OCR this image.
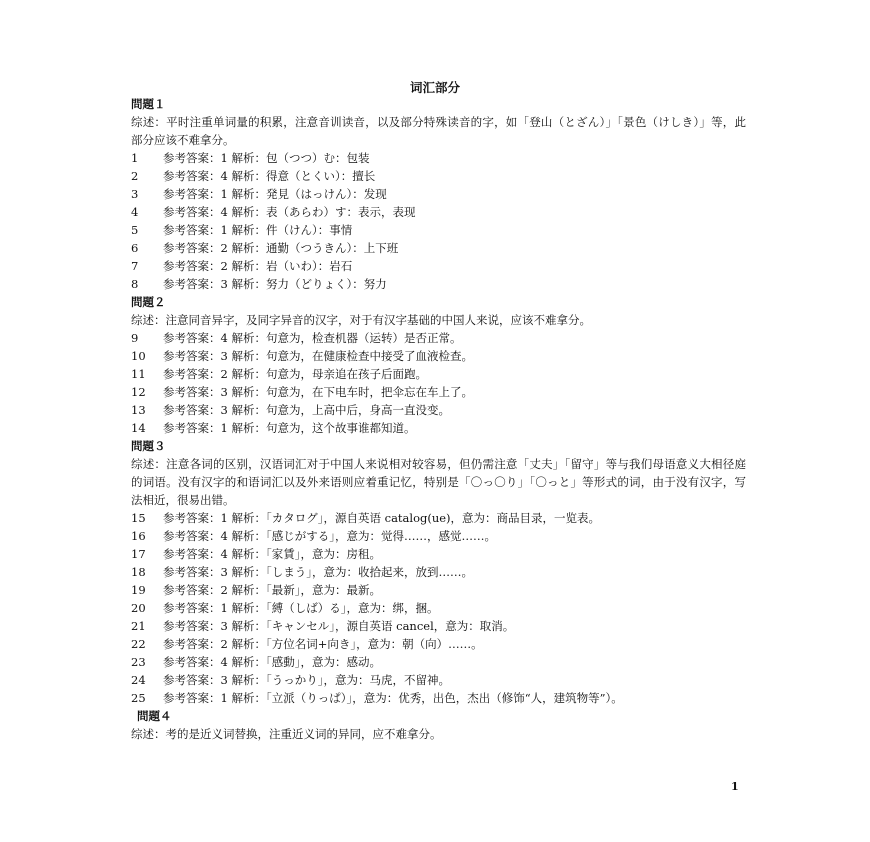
词汇部分
問題１
综述：平时注重单词量的积累，注意音训读音，以及部分特殊读音的字，如「登山（とざん）」「景色（けしき）」等，此部分应该不难拿分。
1	参考答案：1 解析：包（つつ）む：包装
2	参考答案：4 解析：得意（とくい）：擅长
3	参考答案：1 解析：発見（はっけん）：发现
4	参考答案：4 解析：表（あらわ）す：表示，表现
5	参考答案：1 解析：件（けん）：事情
6	参考答案：2 解析：通勤（つうきん）：上下班
7	参考答案：2 解析：岩（いわ）：岩石
8	参考答案：3 解析：努力（どりょく）：努力
問題２
综述：注意同音异字，及同字异音的汉字，对于有汉字基础的中国人来说，应该不难拿分。
9	参考答案：4 解析：句意为，检查机器（运转）是否正常。
10	参考答案：3 解析：句意为，在健康检查中接受了血液检查。
11	参考答案：2 解析：句意为，母亲追在孩子后面跑。
12	参考答案：3 解析：句意为，在下电车时，把伞忘在车上了。
13	参考答案：3 解析：句意为，上高中后，身高一直没变。
14	参考答案：1 解析：句意为，这个故事谁都知道。
問題３
综述：注意各词的区别，汉语词汇对于中国人来说相对较容易，但仍需注意「丈夫」「留守」等与我们母语意义大相径庭的词语。没有汉字的和语词汇以及外来语则应着重记忆，特别是「〇っ〇り」「〇っと」等形式的词，由于没有汉字，写法相近，很易出错。
15	参考答案：1 解析：「カタログ」，源自英语 catalog(ue)，意为：商品目录，一览表。
16	参考答案：4 解析：「感じがする」，意为：觉得……，感觉……。
17	参考答案：4 解析：「家賃」，意为：房租。
18	参考答案：3 解析：「しまう」，意为：收拾起来，放到……。
19	参考答案：2 解析：「最新」，意为：最新。
20	参考答案：1 解析：「縛（しば）る」，意为：绑，捆。
21	参考答案：3 解析：「キャンセル」，源自英语 cancel，意为：取消。
22	参考答案：2 解析：「方位名词+向き」，意为：朝（向）……。
23	参考答案：4 解析：「感動」，意为：感动。
24	参考答案：3 解析：「うっかり」，意为：马虎，不留神。
25	参考答案：1 解析：「立派（りっぱ）」，意为：优秀，出色，杰出（修饰“人，建筑物等”）。
問題４
综述：考的是近义词替换，注重近义词的异同，应不难拿分。
1
